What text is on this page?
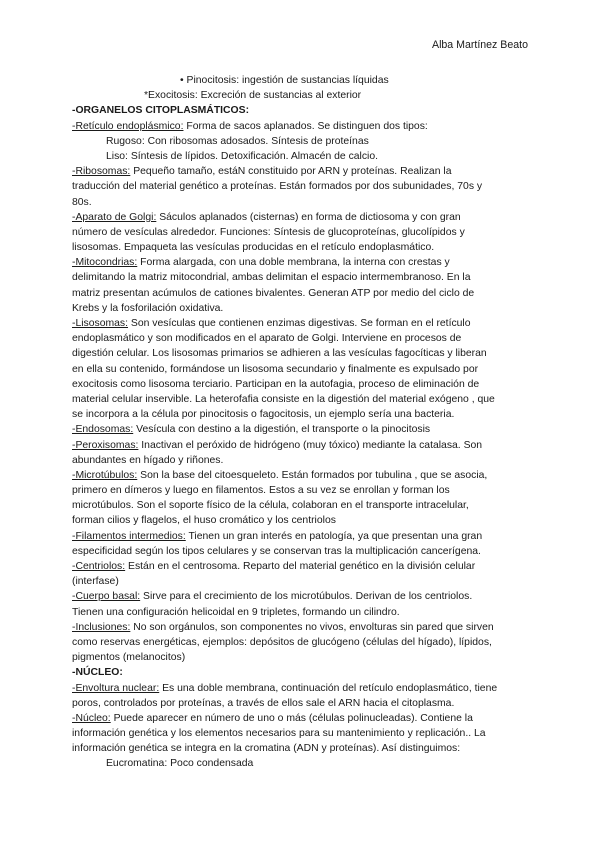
Alba Martínez Beato
• Pinocitosis: ingestión de sustancias líquidas
*Exocitosis: Excreción de sustancias al exterior
-ORGANELOS CITOPLASMÁTICOS:
-Retículo endoplásmico: Forma de sacos aplanados. Se distinguen dos tipos:
Rugoso: Con ribosomas adosados. Síntesis de proteínas
Liso: Síntesis de lípidos. Detoxificación. Almacén de calcio.
-Ribosomas: Pequeño tamaño, estáN constituido por ARN y proteínas. Realizan la
traducción del material genético a proteínas. Están formados por dos subunidades, 70s y
80s.
-Aparato de Golgi: Sáculos aplanados (cisternas) en forma de dictiosoma y con gran
número de vesículas alrededor. Funciones: Síntesis de glucoproteínas, glucolípidos y
lisosomas. Empaqueta las vesículas producidas en el retículo endoplasmático.
-Mitocondrias: Forma alargada, con una doble membrana, la interna con crestas y
delimitando la matriz mitocondrial, ambas delimitan el espacio intermembranoso. En la
matriz presentan acúmulos de cationes bivalentes. Generan ATP por medio del ciclo de
Krebs y la fosforilación oxidativa.
-Lisosomas: Son vesículas que contienen enzimas digestivas. Se forman en el retículo
endoplasmático y son modificados en el aparato de Golgi. Interviene en procesos de
digestión celular. Los lisosomas primarios se adhieren a las vesículas fagocíticas y liberan
en ella su contenido, formándose un lisosoma secundario y finalmente es expulsado por
exocitosis como lisosoma terciario. Participan en la autofagia, proceso de eliminación de
material celular inservible. La heterofafia consiste en la digestión del material exógeno , que
se incorpora a la célula por pinocitosis o fagocitosis, un ejemplo sería una bacteria.
-Endosomas: Vesícula con destino a la digestión, el transporte o la pinocitosis
-Peroxisomas: Inactivan el peróxido de hidrógeno (muy tóxico) mediante la catalasa. Son
abundantes en hígado y riñones.
-Microtúbulos: Son la base del citoesqueleto. Están formados por tubulina , que se asocia,
primero en dímeros y luego en filamentos. Estos a su vez se enrollan y forman los
microtúbulos. Son el soporte físico de la célula, colaboran en el transporte intracelular,
forman cilios y flagelos, el huso cromático y los centriolos
-Filamentos intermedios: Tienen un gran interés en patología, ya que presentan una gran
especificidad según los tipos celulares y se conservan tras la multiplicación cancerígena.
-Centriolos: Están en el centrosoma. Reparto del material genético en la división celular
(interfase)
-Cuerpo basal: Sirve para el crecimiento de los microtúbulos. Derivan de los centriolos.
Tienen una configuración helicoidal en 9 tripletes, formando un cilindro.
-Inclusiones: No son orgánulos, son componentes no vivos, envolturas sin pared que sirven
como reservas energéticas, ejemplos: depósitos de glucógeno (células del hígado), lípidos,
pigmentos (melanocitos)
-NÚCLEO:
-Envoltura nuclear: Es una doble membrana, continuación del retículo endoplasmático, tiene
poros, controlados por proteínas, a través de ellos sale el ARN hacia el citoplasma.
-Núcleo: Puede aparecer en número de uno o más (células polinucleadas). Contiene la
información genética y los elementos necesarios para su mantenimiento y replicación.. La
información genética se integra en la cromatina (ADN y proteínas). Así distinguimos:
Eucromatina: Poco condensada
